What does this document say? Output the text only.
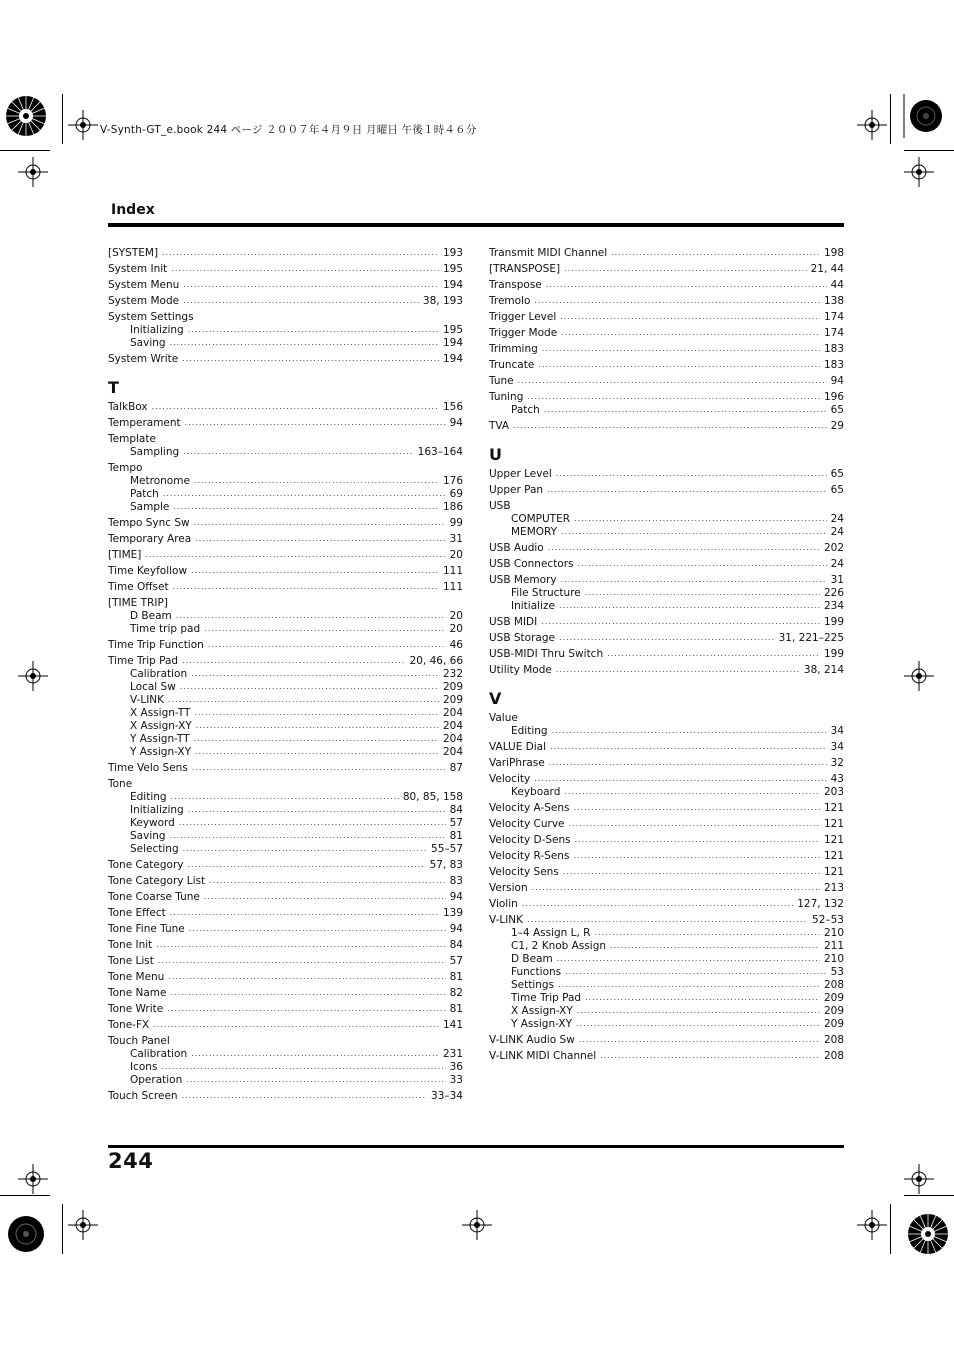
V-Synth-GT_e.book 244 ページ ２００７年４月９日 月曜日 午後１時４６分
Index
[SYSTEM] .....	193
System Init .....	195
System Menu .....	194
System Mode .....	38, 193
System Settings
Initializing .....	195
Saving .....	194
System Write .....	194
T
TalkBox .....	156
Temperament .....	94
Template
Sampling .....	163–164
Tempo
Metronome .....	176
Patch .....	69
Sample .....	186
Tempo Sync Sw .....	99
Temporary Area .....	31
[TIME] .....	20
Time Keyfollow .....	111
Time Offset .....	111
[TIME TRIP]
D Beam .....	20
Time trip pad .....	20
Time Trip Function .....	46
Time Trip Pad .....	20, 46, 66
Calibration .....	232
Local Sw .....	209
V-LINK .....	209
X Assign-TT .....	204
X Assign-XY .....	204
Y Assign-TT .....	204
Y Assign-XY .....	204
Time Velo Sens .....	87
Tone
Editing .....	80, 85, 158
Initializing .....	84
Keyword .....	57
Saving .....	81
Selecting .....	55–57
Tone Category .....	57, 83
Tone Category List .....	83
Tone Coarse Tune .....	94
Tone Effect .....	139
Tone Fine Tune .....	94
Tone Init .....	84
Tone List .....	57
Tone Menu .....	81
Tone Name .....	82
Tone Write .....	81
Tone-FX .....	141
Touch Panel
Calibration .....	231
Icons .....	36
Operation .....	33
Touch Screen .....	33–34
Transmit MIDI Channel .....	198
[TRANSPOSE] .....	21, 44
Transpose .....	44
Tremolo .....	138
Trigger Level .....	174
Trigger Mode .....	174
Trimming .....	183
Truncate .....	183
Tune .....	94
Tuning .....	196
Patch .....	65
TVA .....	29
U
Upper Level .....	65
Upper Pan .....	65
USB
COMPUTER .....	24
MEMORY .....	24
USB Audio .....	202
USB Connectors .....	24
USB Memory .....	31
File Structure .....	226
Initialize .....	234
USB MIDI .....	199
USB Storage .....	31, 221–225
USB-MIDI Thru Switch .....	199
Utility Mode .....	38, 214
V
Value
Editing .....	34
VALUE Dial .....	34
VariPhrase .....	32
Velocity .....	43
Keyboard .....	203
Velocity A-Sens .....	121
Velocity Curve .....	121
Velocity D-Sens .....	121
Velocity R-Sens .....	121
Velocity Sens .....	121
Version .....	213
Violin .....	127, 132
V-LINK .....	52–53
1–4 Assign L, R .....	210
C1, 2 Knob Assign .....	211
D Beam .....	210
Functions .....	53
Settings .....	208
Time Trip Pad .....	209
X Assign-XY .....	209
Y Assign-XY .....	209
V-LINK Audio Sw .....	208
V-LINK MIDI Channel .....	208
244
